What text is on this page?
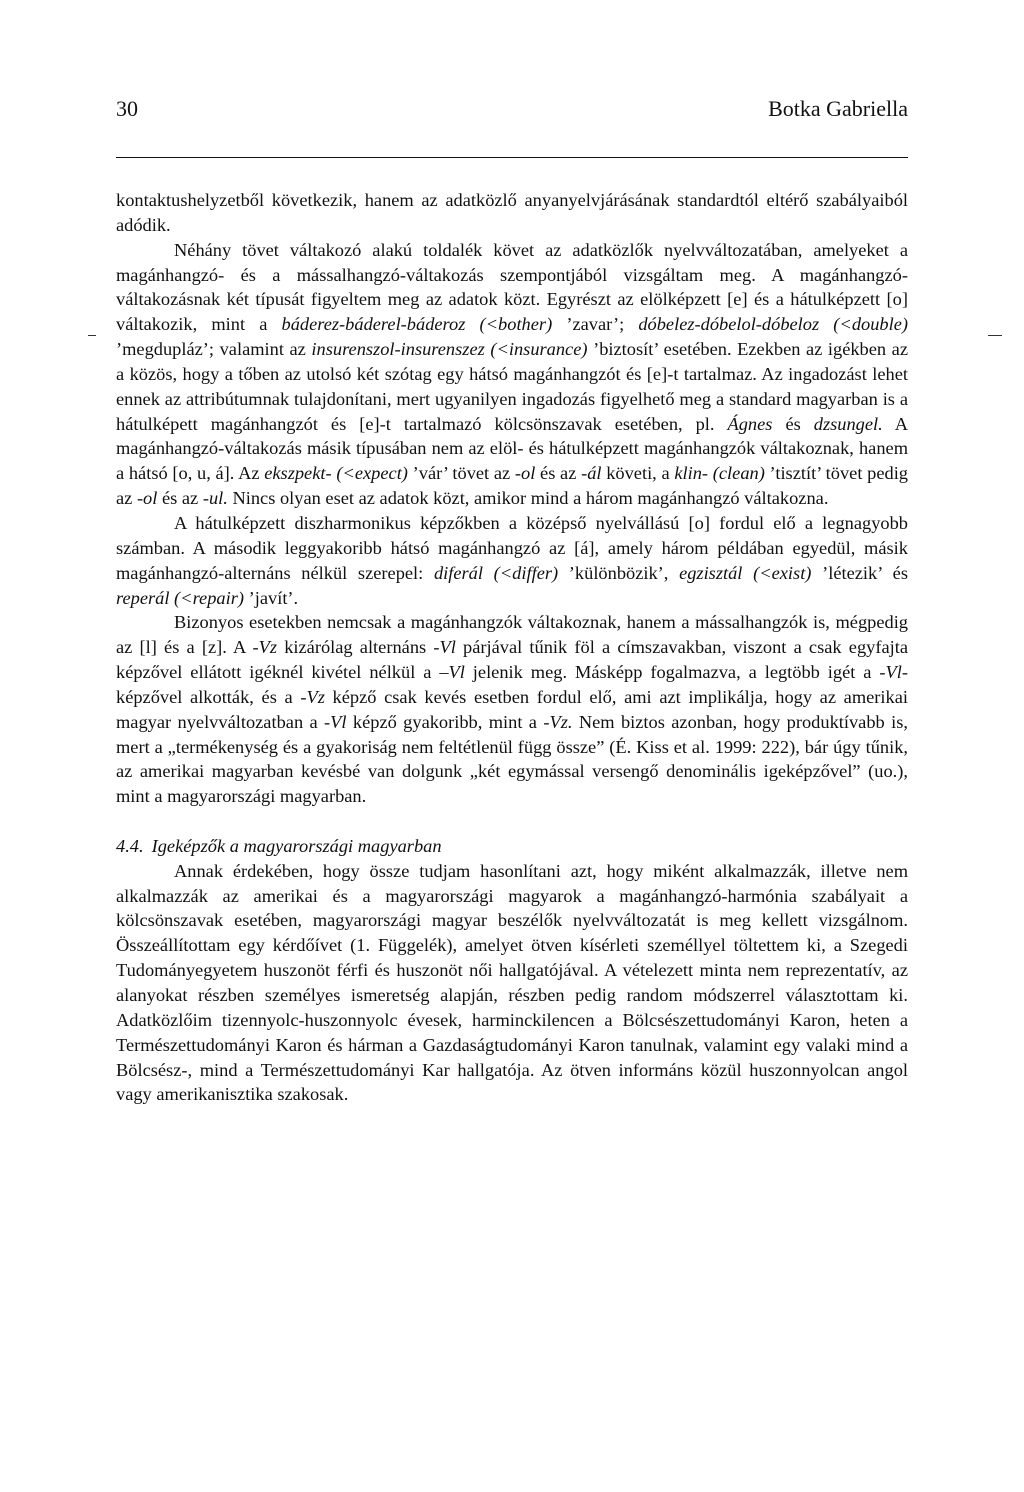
30	Botka Gabriella

kontaktushelyzetből következik, hanem az adatközlő anyanyelvjárásának standardtól eltérő szabályaiból adódik.

Néhány tövet váltakozó alakú toldalék követ az adatközlők nyelvváltozatában, amelyeket a magánhangzó- és a mássalhangzó-váltakozás szempontjából vizsgáltam meg. A magánhangzó-váltakozásnak két típusát figyeltem meg az adatok közt. Egyrészt az elölképzett [e] és a hátulképzett [o] váltakozik, mint a báderez-báderel-báderoz (<bother) ’zavar’; dóbelez-dóbelol-dóbeloz (<double) ’megdupláz’; valamint az insurenszol-insurenszez (<insurance) ’biztosít’ esetében. Ezekben az igékben az a közös, hogy a tőben az utolsó két szótag egy hátsó magánhangzót és [e]-t tartalmaz. Az ingadozást lehet ennek az attribútumnak tulajdonítani, mert ugyanilyen ingadozás figyelhető meg a standard magyarban is a hátulképett magánhangzót és [e]-t tartalmazó kölcsönszavak esetében, pl. Ágnes és dzsungel. A magánhangzó-váltakozás másik típusában nem az elöl- és hátulképzett magánhangzók váltakoznak, hanem a hátsó [o, u, á]. Az ekszpekt- (<expect) ’vár’ tövet az -ol és az -ál követi, a klin- (clean) ’tisztít’ tövet pedig az -ol és az -ul. Nincs olyan eset az adatok közt, amikor mind a három magánhangzó váltakozna.

A hátulképzett diszharmonikus képzőkben a középső nyelvállású [o] fordul elő a legnagyobb számban. A második leggyakoribb hátsó magánhangzó az [á], amely három példában egyedül, másik magánhangzó-alternáns nélkül szerepel: diferál (<differ) ’különbözik’, egzisztál (<exist) ’létezik’ és reperál (<repair) ’javít’.

Bizonyos esetekben nemcsak a magánhangzók váltakoznak, hanem a mássalhangzók is, mégpedig az [l] és a [z]. A -Vz kizárólag alternáns -Vl párjával tűnik föl a címszavakban, viszont a csak egyfajta képzővel ellátott igéknél kivétel nélkül a –Vl jelenik meg. Másképp fogalmazva, a legtöbb igét a -Vl-képzővel alkották, és a -Vz képző csak kevés esetben fordul elő, ami azt implikálja, hogy az amerikai magyar nyelvváltozatban a -Vl képző gyakoribb, mint a -Vz. Nem biztos azonban, hogy produktívabb is, mert a „termékenység és a gyakoriság nem feltétlenül függ össze” (É. Kiss et al. 1999: 222), bár úgy tűnik, az amerikai magyarban kevésbé van dolgunk „két egymással versengő denominális igeképzővel” (uo.), mint a magyarországi magyarban.

4.4. Igeképzők a magyarországi magyarban

Annak érdekében, hogy össze tudjam hasonlítani azt, hogy miként alkalmazzák, illetve nem alkalmazzák az amerikai és a magyarországi magyarok a magánhangzó-harmónia szabályait a kölcsönszavak esetében, magyarországi magyar beszélők nyelvváltozatát is meg kellett vizsgálnom. Összeállítottam egy kérdőívet (1. Függelék), amelyet ötven kísérleti személlyel töltettem ki, a Szegedi Tudományegyetem huszonöt férfi és huszonöt női hallgatójával. A vételezett minta nem reprezentatív, az alanyokat részben személyes ismeretség alapján, részben pedig random módszerrel választottam ki. Adatközlőim tizennyolc-huszonnyolc évesek, harminckilencen a Bölcsészettudományi Karon, heten a Természettudományi Karon és hárman a Gazdaságtudományi Karon tanulnak, valamint egy valaki mind a Bölcsész-, mind a Természettudományi Kar hallgatója. Az ötven informáns közül huszonnyolcan angol vagy amerikanisztika szakosak.
